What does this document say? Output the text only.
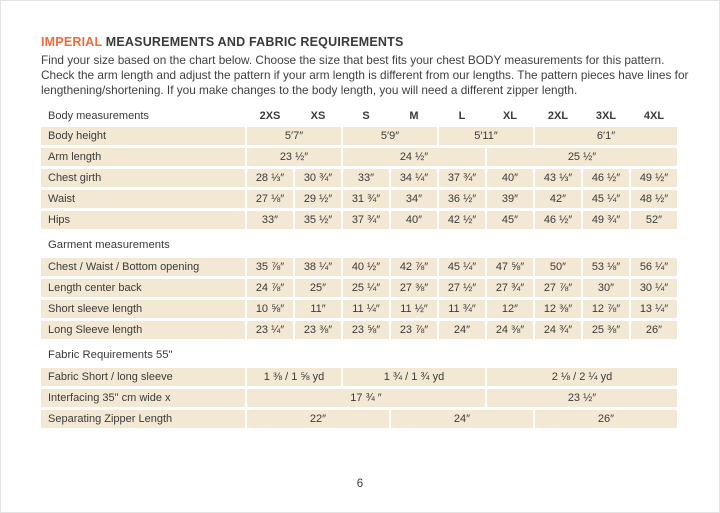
IMPERIAL MEASUREMENTS AND FABRIC REQUIREMENTS
Find your size based on the chart below. Choose the size that best fits your chest BODY measurements for this pattern. Check the arm length and adjust the pattern if your arm length is different from our lengths. The pattern pieces have lines for lengthening/shortening. If you make changes to the body length, you will need a different zipper length.
Body measurements	2XS	XS	S	M	L	XL	2XL	3XL	4XL
Body height	5′7″	5′9″	5′11″	6′1″
Arm length	23 ½″	24 ½″	25 ½″
Chest girth	28 ⅓″	30 ¾″	33″	34 ¼″	37 ¾″	40″	43 ⅓″	46 ½″	49 ½″
Waist	27 ⅛″	29 ½″	31 ¾″	34″	36 ½″	39″	42″	45 ¼″	48 ½″
Hips	33″	35 ½″	37 ¾″	40″	42 ½″	45″	46 ½″	49 ¾″	52″
Garment measurements
Chest / Waist / Bottom opening	35 ⅞″	38 ¼″	40 ½″	42 ⅞″	45 ¼″	47 ⅝″	50″	53 ⅛″	56 ¼″
Length center back	24 ⅞″	25″	25 ¼″	27 ⅜″	27 ½″	27 ¾″	27 ⅞″	30″	30 ¼″
Short sleeve length	10 ⅝″	11″	11 ¼″	11 ½″	11 ¾″	12″	12 ⅜″	12 ⅞″	13 ¼″
Long Sleeve length	23 ¼″	23 ⅜″	23 ⅝″	23 ⅞″	24″	24 ⅜″	24 ¾″	25 ⅜″	26″
Fabric Requirements 55"
Fabric Short / long sleeve	1 ⅜ / 1 ⅝ yd	1 ¾ / 1 ¾ yd	2 ⅛ / 2 ¼ yd
Interfacing 35" cm wide x	17 ¾ ″	23 ½″
Separating Zipper Length	22″	24″	26″
6
